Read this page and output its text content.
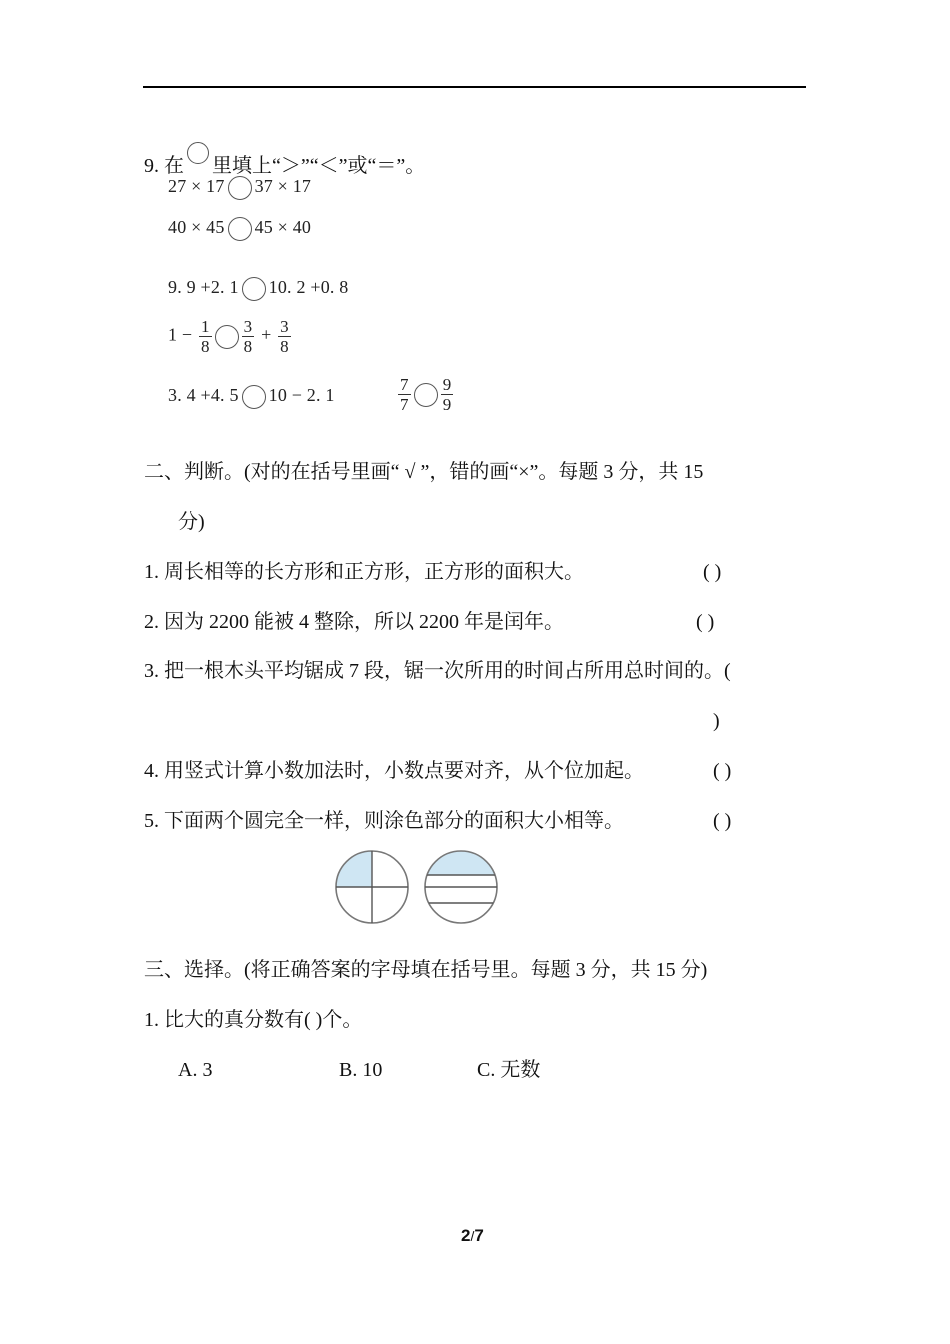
9. 在 里填上“＞”“＜”或“＝”。
27 × 17 37 × 17
40 × 45 45 × 40
9. 9 +2. 1 10. 2 +0. 8
$1 - \frac{1}{8} \frac{3}{8} + \frac{3}{8}$
3. 4 +4. 5 10 − 2. 1	$\frac{7}{7} \frac{9}{9}$
二、判断。(对的在括号里画“ √ ”，错的画“×”。每题 3 分，共 15
分)
1. 周长相等的长方形和正方形，正方形的面积大。	( )
2. 因为 2200 能被 4 整除，所以 2200 年是闰年。	( )
3. 把一根木头平均锯成 7 段，锯一次所用的时间占所用总时间的。(
)
4. 用竖式计算小数加法时，小数点要对齐，从个位加起。	( )
5. 下面两个圆完全一样，则涂色部分的面积大小相等。	( )
三、选择。(将正确答案的字母填在括号里。每题 3 分，共 15 分)
1. 比大的真分数有( )个。
A. 3	B. 10	C. 无数
2/7
